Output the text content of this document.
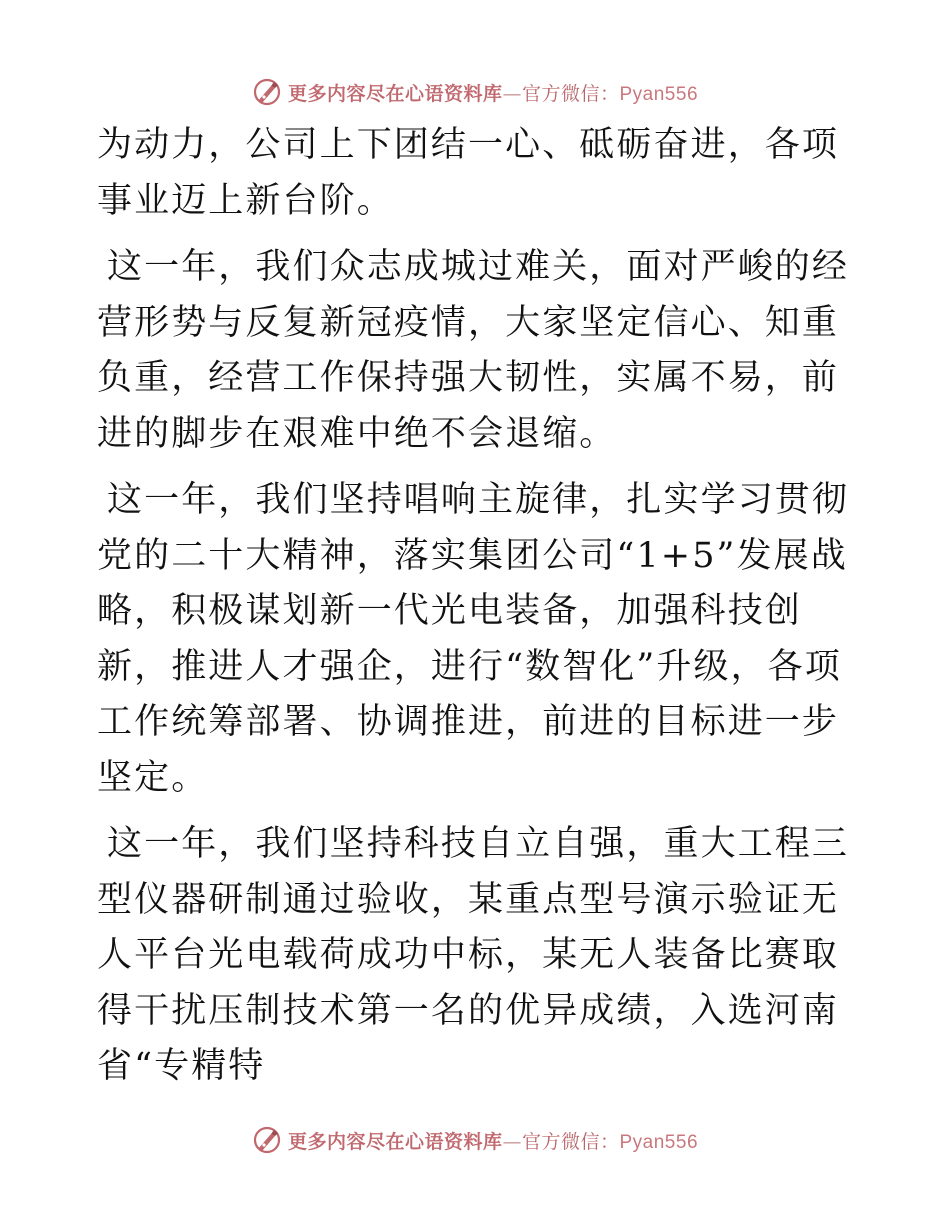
更多内容尽在心语资料库—官方微信：Pyan556

为动力，公司上下团结一心、砥砺奋进，各项事业迈上新台阶。

这一年，我们众志成城过难关，面对严峻的经营形势与反复新冠疫情，大家坚定信心、知重负重，经营工作保持强大韧性，实属不易，前进的脚步在艰难中绝不会退缩。

这一年，我们坚持唱响主旋律，扎实学习贯彻党的二十大精神，落实集团公司“1+5”发展战略，积极谋划新一代光电装备，加强科技创新，推进人才强企，进行“数智化”升级，各项工作统筹部署、协调推进，前进的目标进一步坚定。

这一年，我们坚持科技自立自强，重大工程三型仪器研制通过验收，某重点型号演示验证无人平台光电载荷成功中标，某无人装备比赛取得干扰压制技术第一名的优异成绩，入选河南省“专精特

更多内容尽在心语资料库—官方微信：Pyan556
